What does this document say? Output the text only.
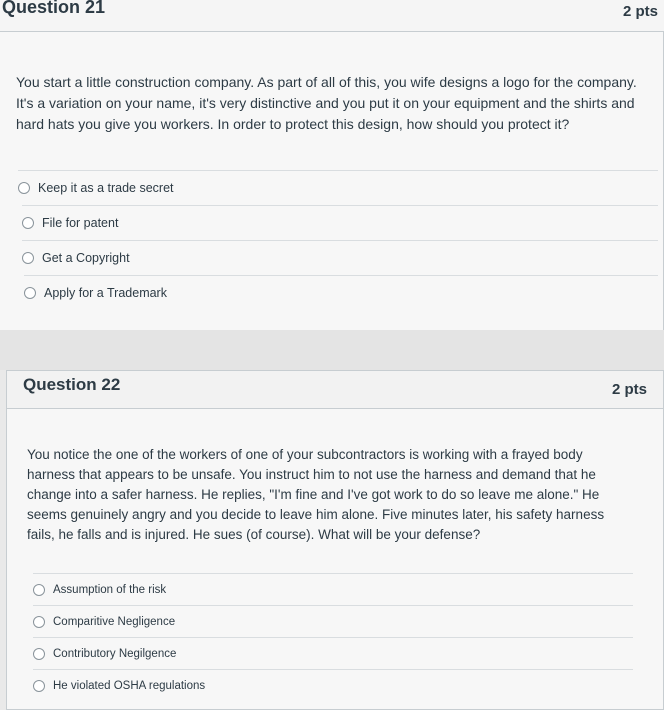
Question 21	2 pts
You start a little construction company. As part of all of this, you wife designs a logo for the company. It's a variation on your name, it's very distinctive and you put it on your equipment and the shirts and hard hats you give you workers. In order to protect this design, how should you protect it?
Keep it as a trade secret
File for patent
Get a Copyright
Apply for a Trademark
Question 22	2 pts
You notice the one of the workers of one of your subcontractors is working with a frayed body harness that appears to be unsafe. You instruct him to not use the harness and demand that he change into a safer harness. He replies, "I'm fine and I've got work to do so leave me alone." He seems genuinely angry and you decide to leave him alone. Five minutes later, his safety harness fails, he falls and is injured. He sues (of course). What will be your defense?
Assumption of the risk
Comparitive Negligence
Contributory Negilgence
He violated OSHA regulations
